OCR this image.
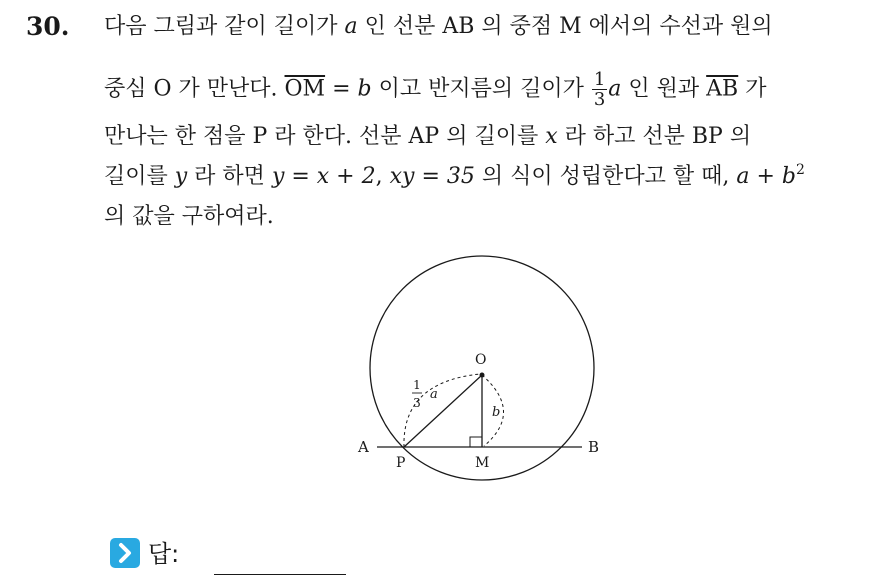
30. 다음 그림과 같이 길이가 a 인 선분 AB 의 중점 M 에서의 수선과 원의
중심 O 가 만난다. $\overline{OM} = b$ 이고 반지름의 길이가 $\frac{1}{3}$ a 인 원과 $\overline{AB}$ 가
만나는 한 점을 P 라 한다. 선분 AP 의 길이를 x 라 하고 선분 BP 의
길이를 y 라 하면 y = x + 2, xy = 35 의 식이 성립한다고 할 때, $a + b^2$
의 값을 구하여라.
O
A	B
P	M
b
1
3
a
답:
